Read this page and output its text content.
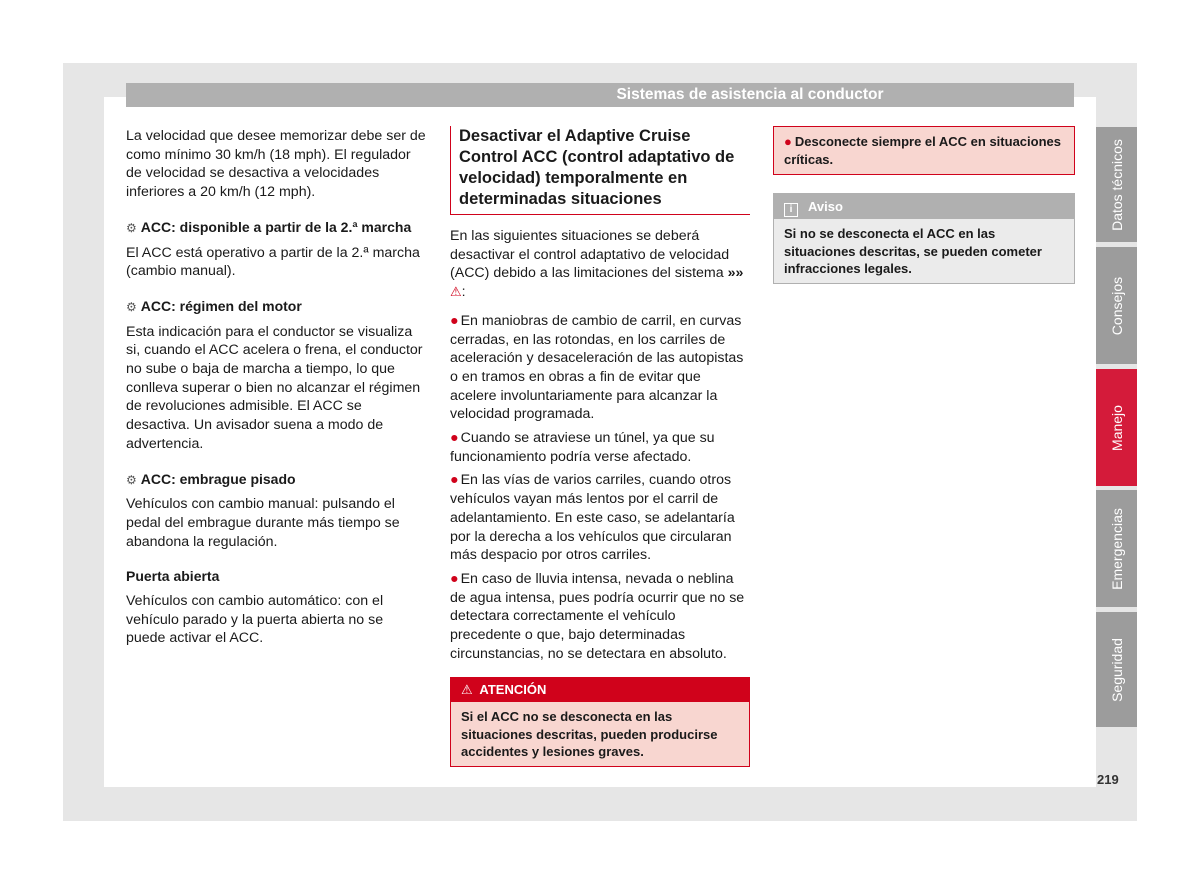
Sistemas de asistencia al conductor

La velocidad que desee memorizar debe ser de como mínimo 30 km/h (18 mph). El regulador de velocidad se desactiva a velocidades inferiores a 20 km/h (12 mph).

⚙ ACC: disponible a partir de la 2.ª marcha

El ACC está operativo a partir de la 2.ª marcha (cambio manual).

⚙ ACC: régimen del motor

Esta indicación para el conductor se visualiza si, cuando el ACC acelera o frena, el conductor no sube o baja de marcha a tiempo, lo que conlleva superar o bien no alcanzar el régimen de revoluciones admisible. El ACC se desactiva. Un avisador suena a modo de advertencia.

⚙ ACC: embrague pisado

Vehículos con cambio manual: pulsando el pedal del embrague durante más tiempo se abandona la regulación.

Puerta abierta

Vehículos con cambio automático: con el vehículo parado y la puerta abierta no se puede activar el ACC.

Desactivar el Adaptive Cruise Control ACC (control adaptativo de velocidad) temporalmente en determinadas situaciones

En las siguientes situaciones se deberá desactivar el control adaptativo de velocidad (ACC) debido a las limitaciones del sistema »» ⚠:

● En maniobras de cambio de carril, en curvas cerradas, en las rotondas, en los carriles de aceleración y desaceleración de las autopistas o en tramos en obras a fin de evitar que acelere involuntariamente para alcanzar la velocidad programada.
● Cuando se atraviese un túnel, ya que su funcionamiento podría verse afectado.
● En las vías de varios carriles, cuando otros vehículos vayan más lentos por el carril de adelantamiento. En este caso, se adelantaría por la derecha a los vehículos que circularan más despacio por otros carriles.
● En caso de lluvia intensa, nevada o neblina de agua intensa, pues podría ocurrir que no se detectara correctamente el vehículo precedente o que, bajo determinadas circunstancias, no se detectara en absoluto.
⚠ ATENCIÓN
Si el ACC no se desconecta en las situaciones descritas, pueden producirse accidentes y lesiones graves.
● Desconecte siempre el ACC en situaciones críticas.
i Aviso
Si no se desconecta el ACC en las situaciones descritas, se pueden cometer infracciones legales.
Datos técnicos
Consejos
Manejo
Emergencias
Seguridad
219
